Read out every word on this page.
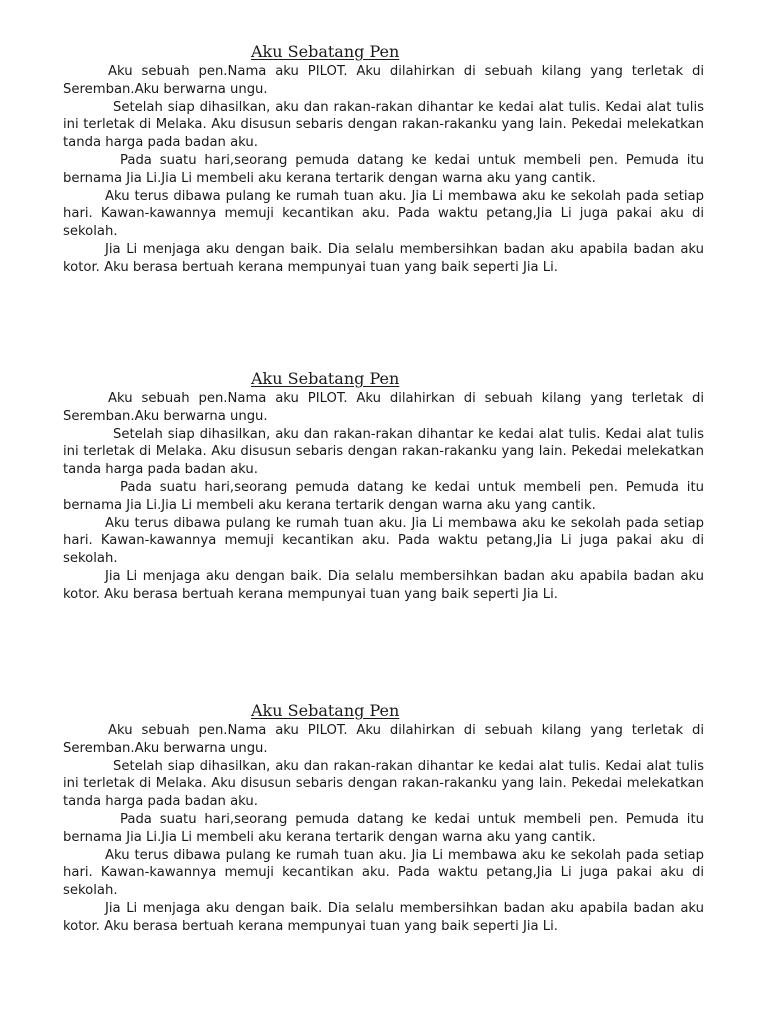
Aku Sebatang Pen

Aku sebuah pen.Nama aku PILOT. Aku dilahirkan di sebuah kilang yang terletak di Seremban.Aku berwarna ungu.

Setelah siap dihasilkan, aku dan rakan-rakan dihantar ke kedai alat tulis. Kedai alat tulis ini terletak di Melaka. Aku disusun sebaris dengan rakan-rakanku yang lain. Pekedai melekatkan tanda harga pada badan aku.

Pada suatu hari,seorang pemuda datang ke kedai untuk membeli pen. Pemuda itu bernama Jia Li.Jia Li membeli aku kerana tertarik dengan warna aku yang cantik.

Aku terus dibawa pulang ke rumah tuan aku. Jia Li membawa aku ke sekolah pada setiap hari. Kawan-kawannya memuji kecantikan aku. Pada waktu petang,Jia Li juga pakai aku di sekolah.

Jia Li menjaga aku dengan baik. Dia selalu membersihkan badan aku apabila badan aku kotor. Aku berasa bertuah kerana mempunyai tuan yang baik seperti Jia Li.

Aku Sebatang Pen

Aku sebuah pen.Nama aku PILOT. Aku dilahirkan di sebuah kilang yang terletak di Seremban.Aku berwarna ungu.

Setelah siap dihasilkan, aku dan rakan-rakan dihantar ke kedai alat tulis. Kedai alat tulis ini terletak di Melaka. Aku disusun sebaris dengan rakan-rakanku yang lain. Pekedai melekatkan tanda harga pada badan aku.

Pada suatu hari,seorang pemuda datang ke kedai untuk membeli pen. Pemuda itu bernama Jia Li.Jia Li membeli aku kerana tertarik dengan warna aku yang cantik.

Aku terus dibawa pulang ke rumah tuan aku. Jia Li membawa aku ke sekolah pada setiap hari. Kawan-kawannya memuji kecantikan aku. Pada waktu petang,Jia Li juga pakai aku di sekolah.

Jia Li menjaga aku dengan baik. Dia selalu membersihkan badan aku apabila badan aku kotor. Aku berasa bertuah kerana mempunyai tuan yang baik seperti Jia Li.

Aku Sebatang Pen

Aku sebuah pen.Nama aku PILOT. Aku dilahirkan di sebuah kilang yang terletak di Seremban.Aku berwarna ungu.

Setelah siap dihasilkan, aku dan rakan-rakan dihantar ke kedai alat tulis. Kedai alat tulis ini terletak di Melaka. Aku disusun sebaris dengan rakan-rakanku yang lain. Pekedai melekatkan tanda harga pada badan aku.

Pada suatu hari,seorang pemuda datang ke kedai untuk membeli pen. Pemuda itu bernama Jia Li.Jia Li membeli aku kerana tertarik dengan warna aku yang cantik.

Aku terus dibawa pulang ke rumah tuan aku. Jia Li membawa aku ke sekolah pada setiap hari. Kawan-kawannya memuji kecantikan aku. Pada waktu petang,Jia Li juga pakai aku di sekolah.

Jia Li menjaga aku dengan baik. Dia selalu membersihkan badan aku apabila badan aku kotor. Aku berasa bertuah kerana mempunyai tuan yang baik seperti Jia Li.
